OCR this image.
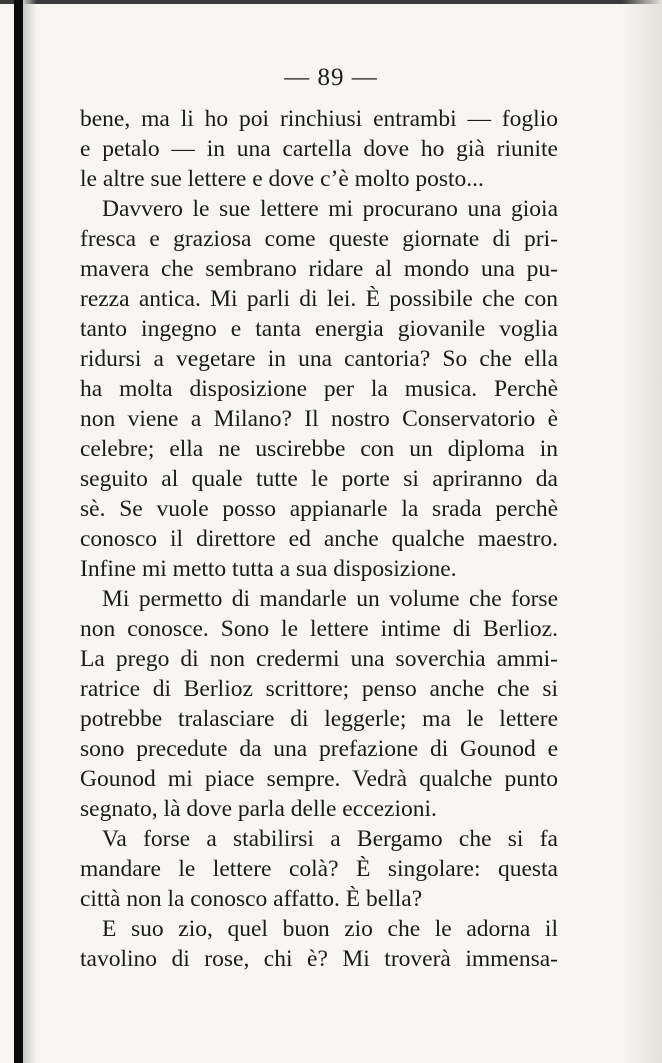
— 89 —
bene, ma li ho poi rinchiusi entrambi — foglio
e petalo — in una cartella dove ho già riunite
le altre sue lettere e dove c’è molto posto...
Davvero le sue lettere mi procurano una gioia
fresca e graziosa come queste giornate di pri-
mavera che sembrano ridare al mondo una pu-
rezza antica. Mi parli di lei. È possibile che con
tanto ingegno e tanta energia giovanile voglia
ridursi a vegetare in una cantoria? So che ella
ha molta disposizione per la musica. Perchè
non viene a Milano? Il nostro Conservatorio è
celebre; ella ne uscirebbe con un diploma in
seguito al quale tutte le porte si apriranno da
sè. Se vuole posso appianarle la srada perchè
conosco il direttore ed anche qualche maestro.
Infine mi metto tutta a sua disposizione.
Mi permetto di mandarle un volume che forse
non conosce. Sono le lettere intime di Berlioz.
La prego di non credermi una soverchia ammi-
ratrice di Berlioz scrittore; penso anche che si
potrebbe tralasciare di leggerle; ma le lettere
sono precedute da una prefazione di Gounod e
Gounod mi piace sempre. Vedrà qualche punto
segnato, là dove parla delle eccezioni.
Va forse a stabilirsi a Bergamo che si fa
mandare le lettere colà? È singolare: questa
città non la conosco affatto. È bella?
E suo zio, quel buon zio che le adorna il
tavolino di rose, chi è? Mi troverà immensa-
